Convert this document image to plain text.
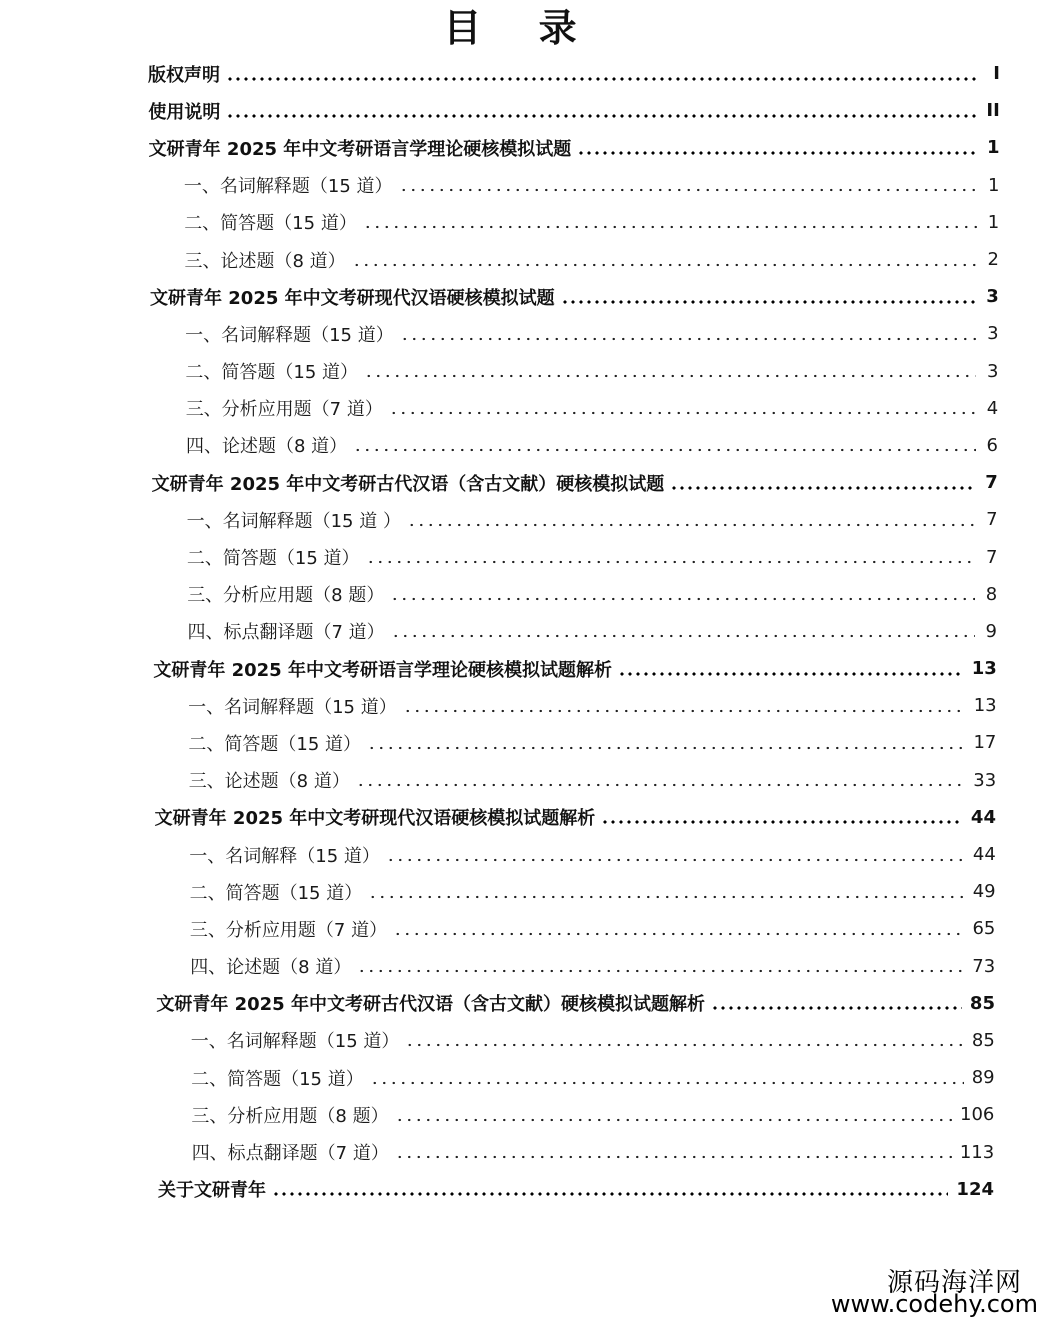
目 录
版权声明	I
使用说明	II
文研青年 2025 年中文考研语言学理论硬核模拟试题	1
一、名词解释题（15 道）	1
二、简答题（15 道）	1
三、论述题（8 道）	2
文研青年 2025 年中文考研现代汉语硬核模拟试题	3
一、名词解释题（15 道）	3
二、简答题（15 道）	3
三、分析应用题（7 道）	4
四、论述题（8 道）	6
文研青年 2025 年中文考研古代汉语（含古文献）硬核模拟试题	7
一、名词解释题（15 道 ）	7
二、简答题（15 道）	7
三、分析应用题（8 题）	8
四、标点翻译题（7 道）	9
文研青年 2025 年中文考研语言学理论硬核模拟试题解析	13
一、名词解释题（15 道）	13
二、简答题（15 道）	17
三、论述题（8 道）	33
文研青年 2025 年中文考研现代汉语硬核模拟试题解析	44
一、名词解释（15 道）	44
二、简答题（15 道）	49
三、分析应用题（7 道）	65
四、论述题（8 道）	73
文研青年 2025 年中文考研古代汉语（含古文献）硬核模拟试题解析	85
一、名词解释题（15 道）	85
二、简答题（15 道）	89
三、分析应用题（8 题）	106
四、标点翻译题（7 道）	113
关于文研青年	124
源码海洋网
www.codehy.com
